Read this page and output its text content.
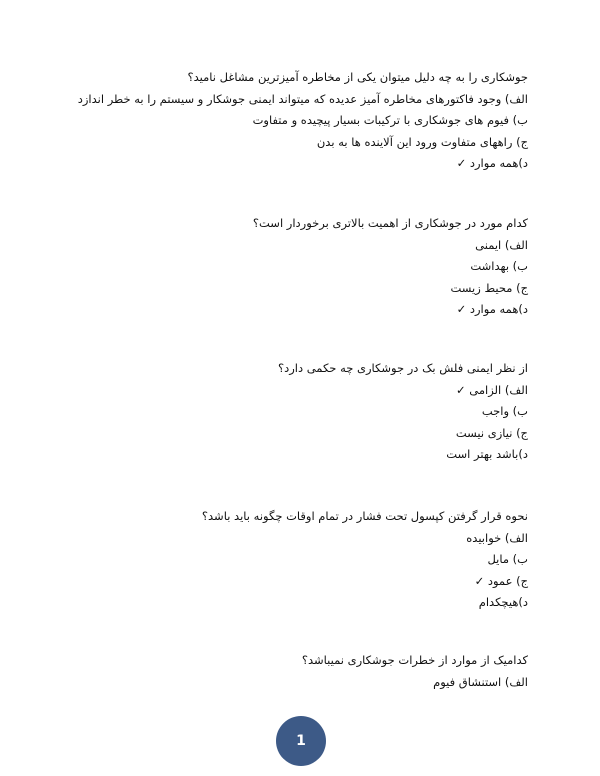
جوشکاری را به چه دلیل میتوان یکی از مخاطره آمیزترین مشاغل نامید؟
الف) وجود فاکتورهای مخاطره آمیز عدیده که میتواند ایمنی جوشکار و سیستم را به خطر اندازد
ب) فیوم های جوشکاری با ترکیبات بسیار پیچیده و متفاوت
ج) راههای متفاوت ورود این آلاینده ها به بدن
د)همه موارد ✓
کدام مورد در جوشکاری از اهمیت بالاتری برخوردار است؟
الف) ایمنی
ب) بهداشت
ج) محیط زیست
د)همه موارد ✓
از نظر ایمنی فلش بک در جوشکاری چه حکمی دارد؟
الف) الزامی ✓
ب) واجب
ج) نیازی نیست
د)باشد بهتر است
نحوه قرار گرفتن کپسول تحت فشار در تمام اوقات چگونه باید باشد؟
الف) خوابیده
ب) مایل
ج) عمود ✓
د)هیچکدام
کدامیک از موارد از خطرات جوشکاری نمیباشد؟
الف) استنشاق فیوم
1
